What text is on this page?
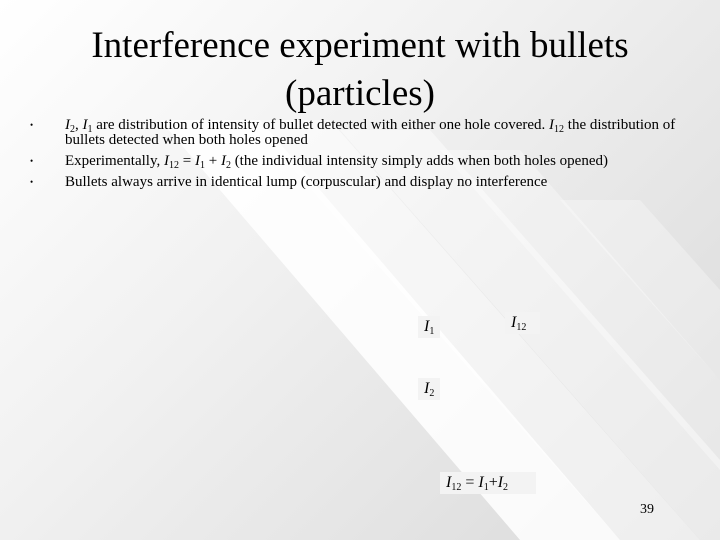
Interference experiment with bullets
(particles)
• $I_2$, $I_1$ are distribution of intensity of bullet detected with either one hole covered. $I_{12}$ the distribution of bullets detected when both holes opened
• Experimentally, $I_{12} = I_1 + I_2$ (the individual intensity simply adds when both holes opened)
• Bullets always arrive in identical lump (corpuscular) and display no interference
$I_1$
$I_{12}$
$I_2$
$I_{12} = I_1+I_2$
39
